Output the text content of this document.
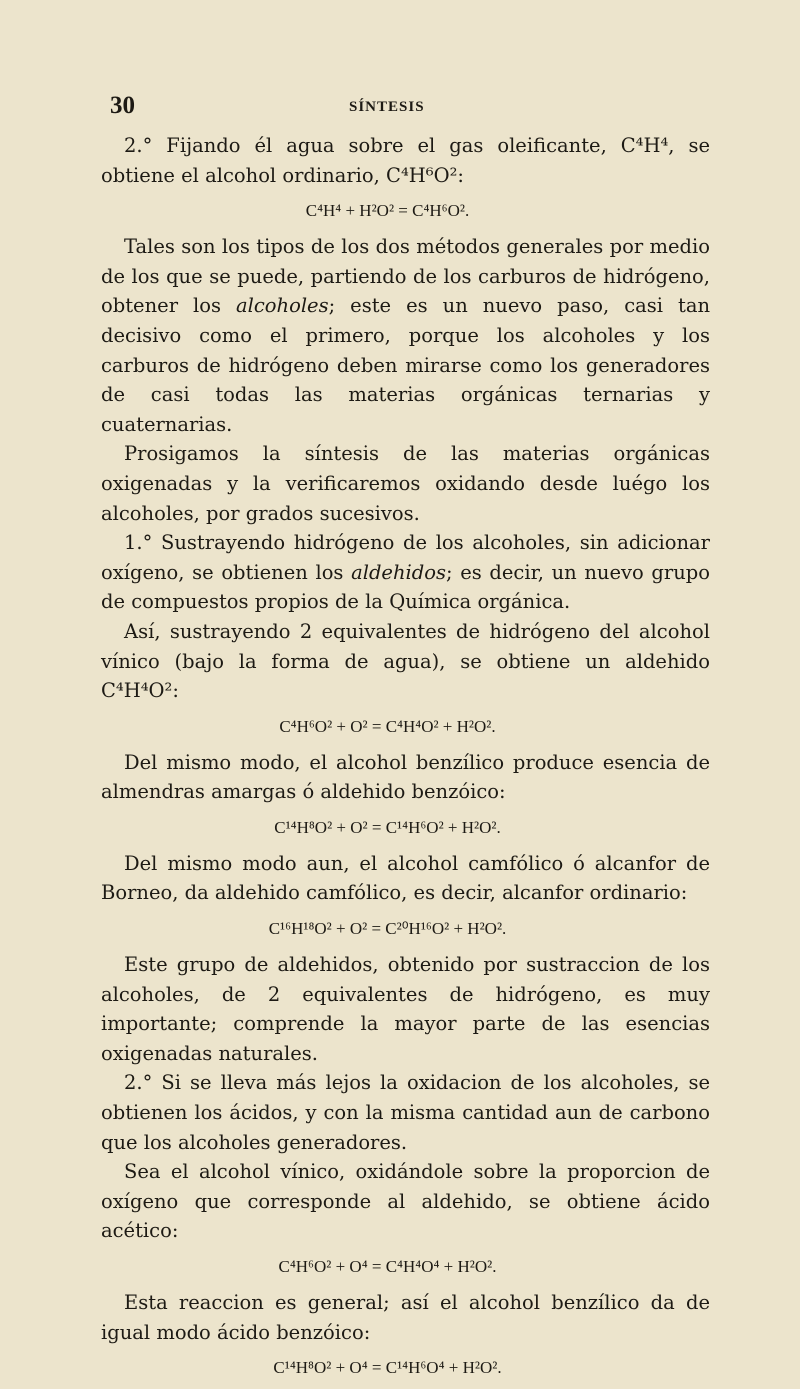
30	SÍNTESIS

2.° Fijando él agua sobre el gas oleificante, C⁴H⁴, se obtiene el alcohol ordinario, C⁴H⁶O²:

C⁴H⁴ + H²O² = C⁴H⁶O².

Tales son los tipos de los dos métodos generales por medio de los que se puede, partiendo de los carburos de hidrógeno, obtener los alcoholes; este es un nuevo paso, casi tan decisivo como el primero, porque los alcoholes y los carburos de hidrógeno deben mirarse como los generadores de casi todas las materias orgánicas ternarias y cuaternarias.

Prosigamos la síntesis de las materias orgánicas oxigenadas y la verificaremos oxidando desde luégo los alcoholes, por grados sucesivos.

1.° Sustrayendo hidrógeno de los alcoholes, sin adicionar oxígeno, se obtienen los aldehidos; es decir, un nuevo grupo de compuestos propios de la Química orgánica.

Así, sustrayendo 2 equivalentes de hidrógeno del alcohol vínico (bajo la forma de agua), se obtiene un aldehido C⁴H⁴O²:

C⁴H⁶O² + O² = C⁴H⁴O² + H²O².

Del mismo modo, el alcohol benzílico produce esencia de almendras amargas ó aldehido benzóico:

C¹⁴H⁸O² + O² = C¹⁴H⁶O² + H²O².

Del mismo modo aun, el alcohol camfólico ó alcanfor de Borneo, da aldehido camfólico, es decir, alcanfor ordinario:

C¹⁶H¹⁸O² + O² = C²⁰H¹⁶O² + H²O².

Este grupo de aldehidos, obtenido por sustraccion de los alcoholes, de 2 equivalentes de hidrógeno, es muy importante; comprende la mayor parte de las esencias oxigenadas naturales.

2.° Si se lleva más lejos la oxidacion de los alcoholes, se obtienen los ácidos, y con la misma cantidad aun de carbono que los alcoholes generadores.

Sea el alcohol vínico, oxidándole sobre la proporcion de oxígeno que corresponde al aldehido, se obtiene ácido acético:

C⁴H⁶O² + O⁴ = C⁴H⁴O⁴ + H²O².

Esta reaccion es general; así el alcohol benzílico da de igual modo ácido benzóico:

C¹⁴H⁸O² + O⁴ = C¹⁴H⁶O⁴ + H²O².
